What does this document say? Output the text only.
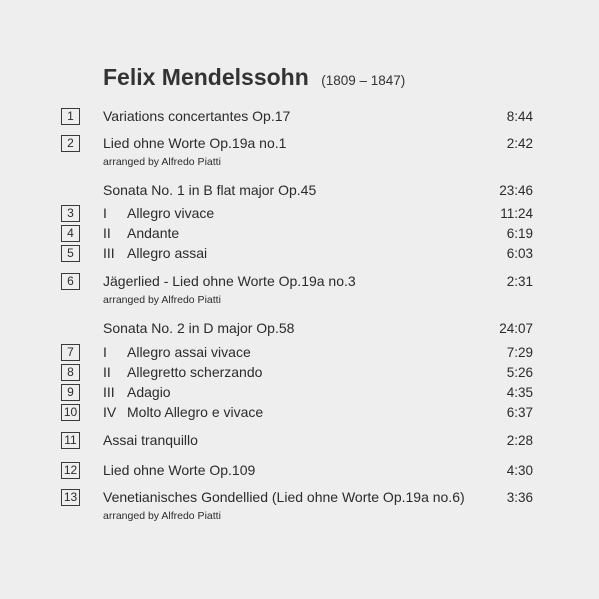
Felix Mendelssohn (1809 – 1847)
1	Variations concertantes Op.17	8:44
2	Lied ohne Worte Op.19a no.1	2:42
arranged by Alfredo Piatti
Sonata No. 1 in B flat major Op.45	23:46
3	I Allegro vivace	11:24
4	II Andante	6:19
5	III Allegro assai	6:03
6	Jägerlied - Lied ohne Worte Op.19a no.3	2:31
arranged by Alfredo Piatti
Sonata No. 2 in D major Op.58	24:07
7	I Allegro assai vivace	7:29
8	II Allegretto scherzando	5:26
9	III Adagio	4:35
10 IV Molto Allegro e vivace	6:37
11 Assai tranquillo	2:28
12 Lied ohne Worte Op.109	4:30
13 Venetianisches Gondellied (Lied ohne Worte Op.19a no.6)	3:36
arranged by Alfredo Piatti
